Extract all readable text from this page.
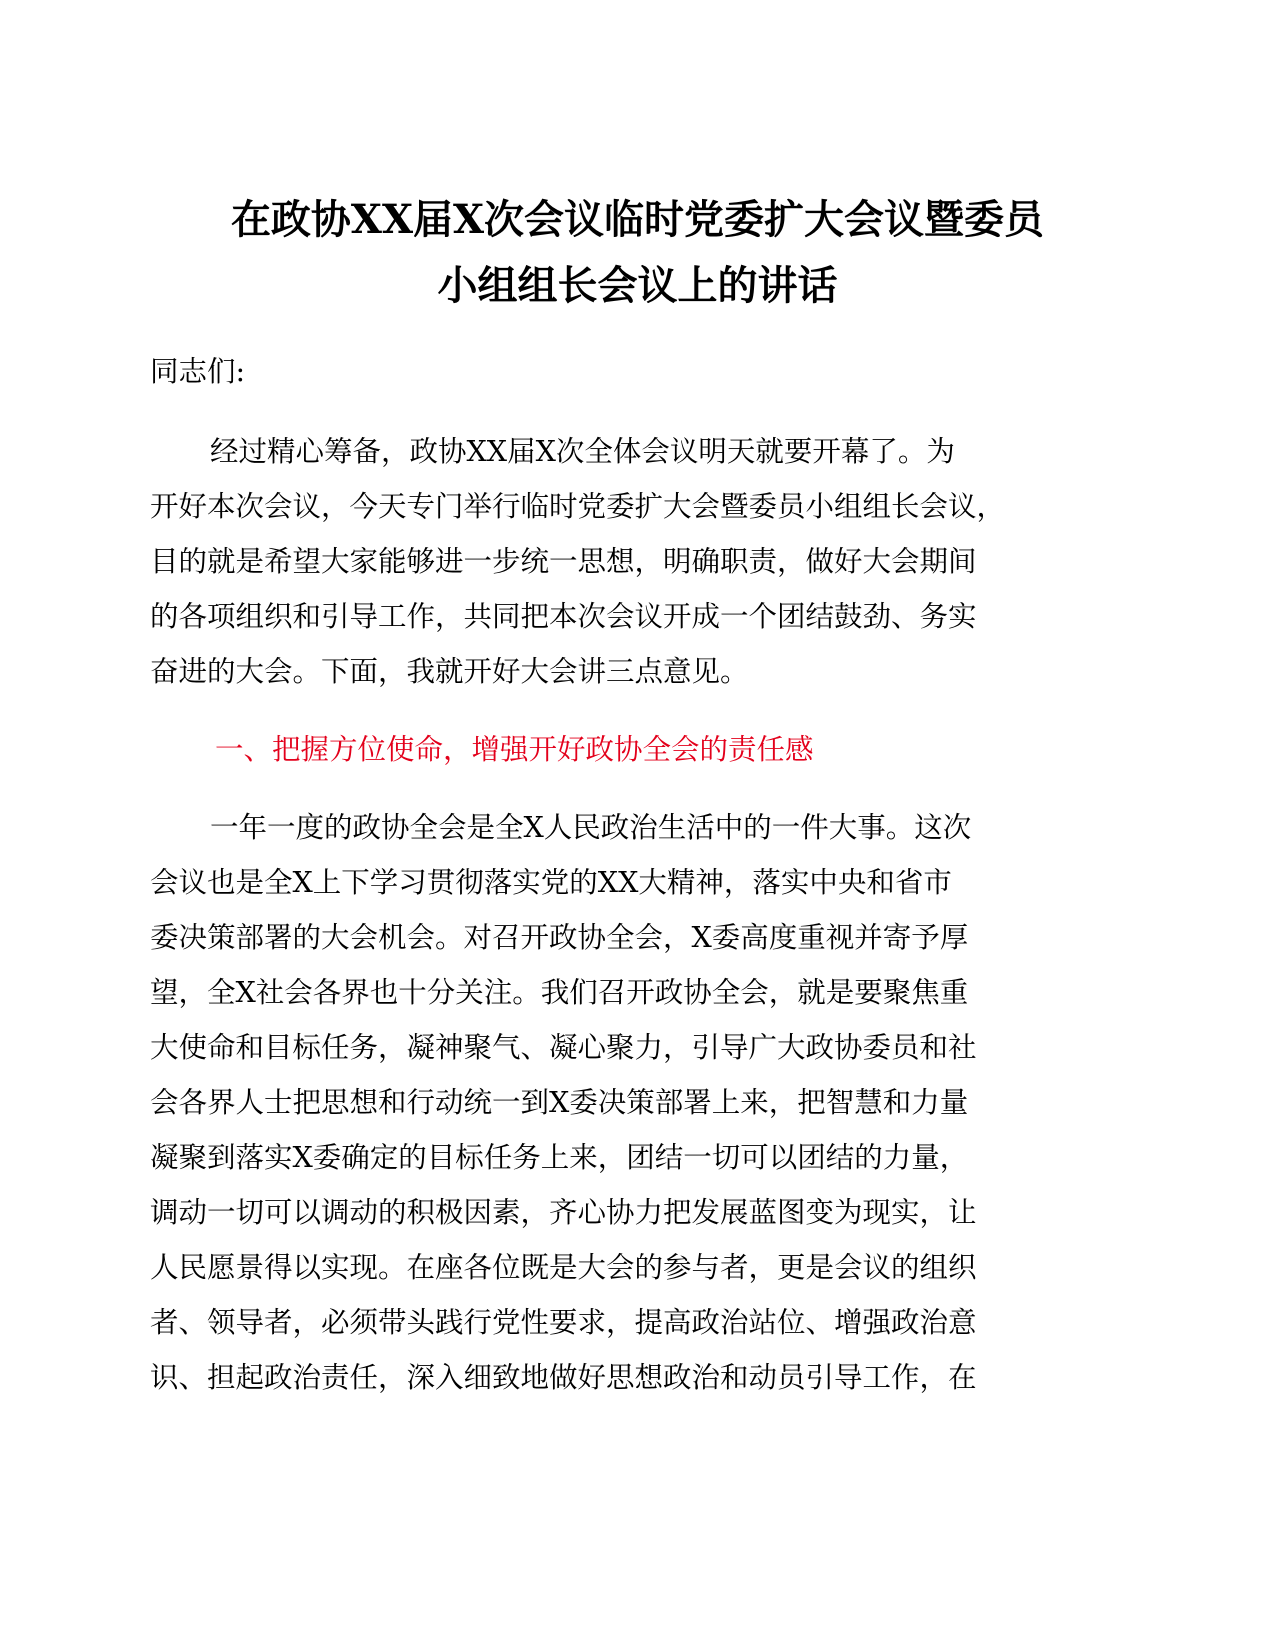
在政协XX届X次会议临时党委扩大会议暨委员
小组组长会议上的讲话
同志们:
经过精心筹备，政协XX届X次全体会议明天就要开幕了。为
开好本次会议，今天专门举行临时党委扩大会暨委员小组组长会议，
目的就是希望大家能够进一步统一思想，明确职责，做好大会期间
的各项组织和引导工作，共同把本次会议开成一个团结鼓劲、务实
奋进的大会。下面，我就开好大会讲三点意见。
一、把握方位使命，增强开好政协全会的责任感
一年一度的政协全会是全X人民政治生活中的一件大事。这次
会议也是全X上下学习贯彻落实党的XX大精神，落实中央和省市
委决策部署的大会机会。对召开政协全会，X委高度重视并寄予厚
望，全X社会各界也十分关注。我们召开政协全会，就是要聚焦重
大使命和目标任务，凝神聚气、凝心聚力，引导广大政协委员和社
会各界人士把思想和行动统一到X委决策部署上来，把智慧和力量
凝聚到落实X委确定的目标任务上来，团结一切可以团结的力量，
调动一切可以调动的积极因素，齐心协力把发展蓝图变为现实，让
人民愿景得以实现。在座各位既是大会的参与者，更是会议的组织
者、领导者，必须带头践行党性要求，提高政治站位、增强政治意
识、担起政治责任，深入细致地做好思想政治和动员引导工作，在
